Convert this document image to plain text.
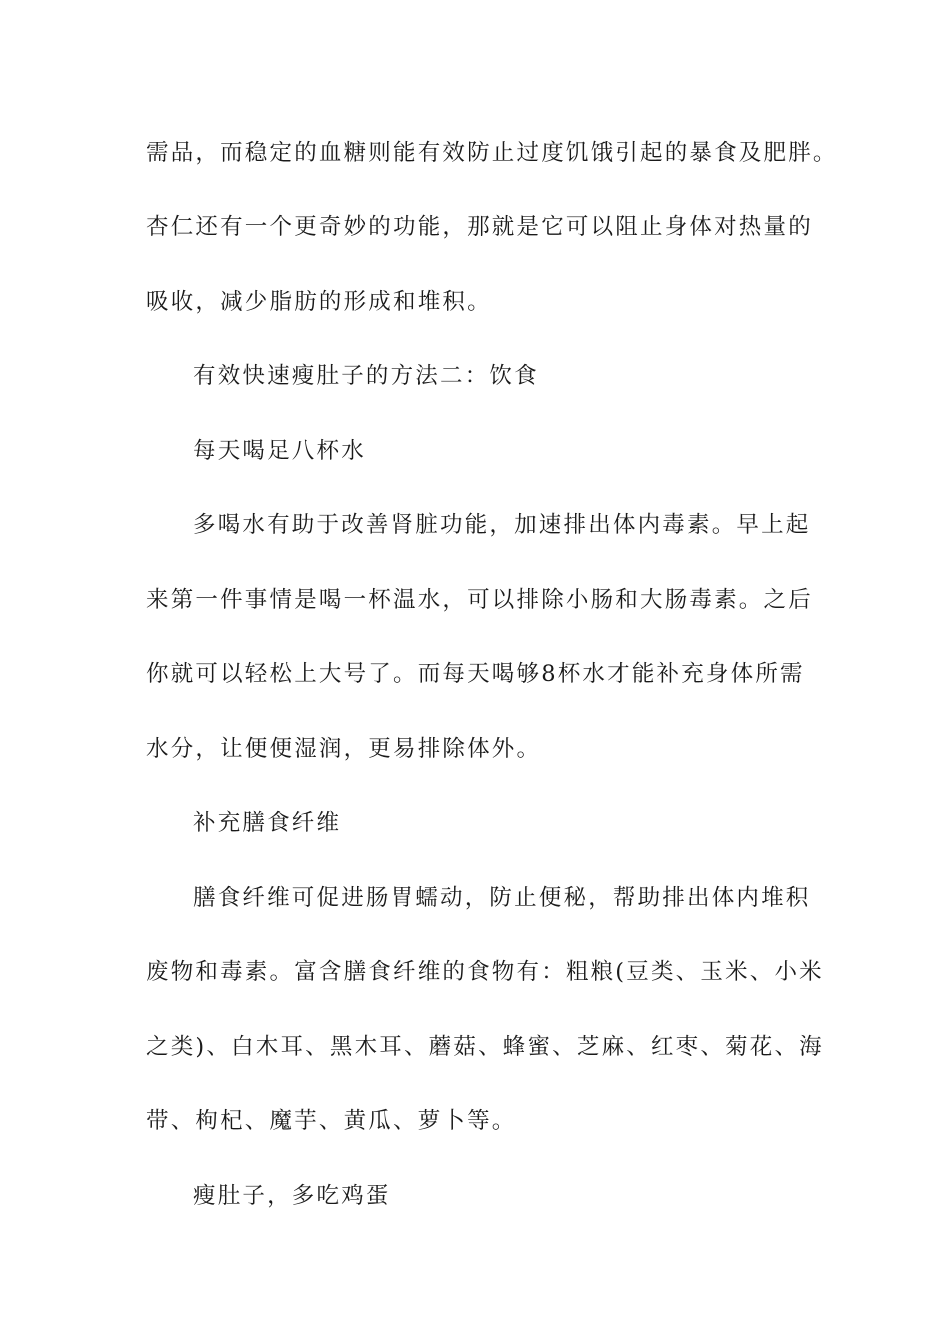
需品，而稳定的血糖则能有效防止过度饥饿引起的暴食及肥胖。
杏仁还有一个更奇妙的功能，那就是它可以阻止身体对热量的
吸收，减少脂肪的形成和堆积。
有效快速瘦肚子的方法二：饮食
每天喝足八杯水
多喝水有助于改善肾脏功能，加速排出体内毒素。早上起
来第一件事情是喝一杯温水，可以排除小肠和大肠毒素。之后
你就可以轻松上大号了。而每天喝够8杯水才能补充身体所需
水分，让便便湿润，更易排除体外。
补充膳食纤维
膳食纤维可促进肠胃蠕动，防止便秘，帮助排出体内堆积
废物和毒素。富含膳食纤维的食物有：粗粮(豆类、玉米、小米
之类)、白木耳、黑木耳、蘑菇、蜂蜜、芝麻、红枣、菊花、海
带、枸杞、魔芋、黄瓜、萝卜等。
瘦肚子，多吃鸡蛋
